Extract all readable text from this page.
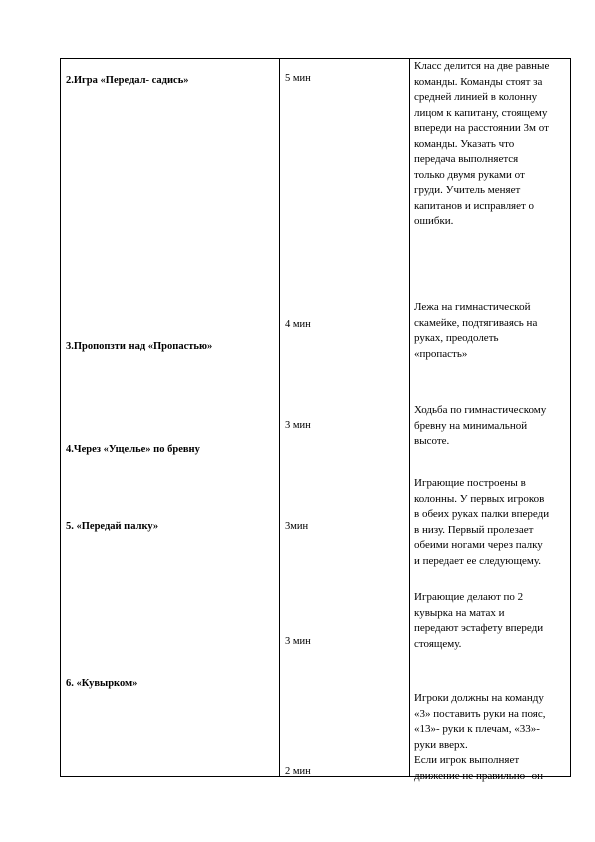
2.Игра «Передал- садись»	5 мин
Класс делится на две равные
команды. Команды стоят за
средней линией в колонну
лицом к капитану, стоящему
впереди на расстоянии 3м от
команды. Указать что
передача выполняется
только двумя руками от
груди. Учитель меняет
капитанов и исправляет о
ошибки.
3.Пропопзти над «Пропастью»
4 мин
Лежа на гимнастической
скамейке, подтягиваясь на
руках, преодолеть
«пропасть»
4.Через «Ущелье» по бревну
3 мин
Ходьба по гимнастическому
бревну на минимальной
высоте.
5. «Передай палку»	3мин
Играющие построены в
колонны. У первых игроков
в обеих руках палки впереди
в низу. Первый пролезает
обеими ногами через палку
и передает ее следующему.
3 мин
Играющие делают по 2
кувырка на матах и
передают эстафету впереди
стоящему.
6. «Кувырком»
2 мин
Игроки должны на команду
«3» поставить руки на пояс,
«13»- руки к плечам, «33»-
руки вверх.
Если игрок выполняет
движение не правильно- он
